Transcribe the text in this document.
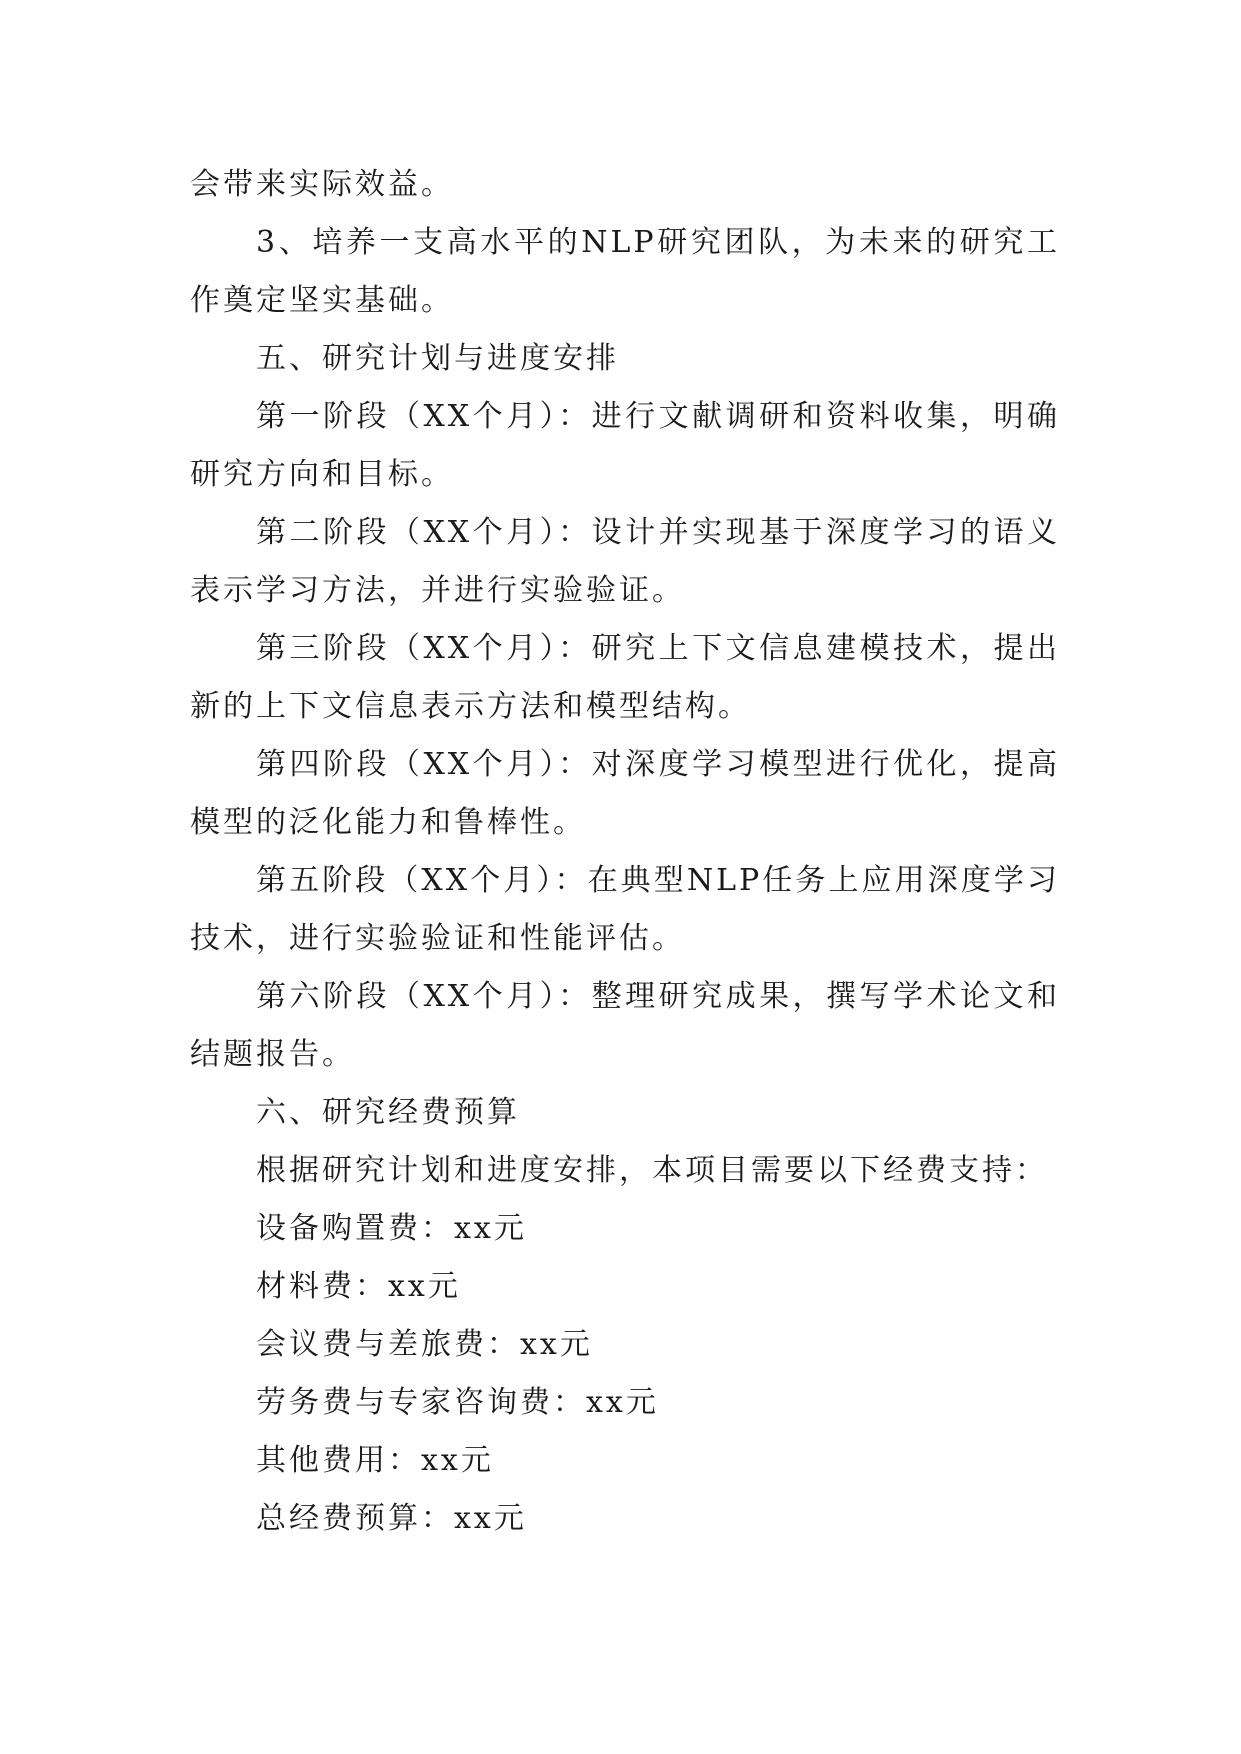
会带来实际效益。

3、培养一支高水平的NLP研究团队，为未来的研究工作奠定坚实基础。

五、研究计划与进度安排

第一阶段（XX个月）：进行文献调研和资料收集，明确研究方向和目标。

第二阶段（XX个月）：设计并实现基于深度学习的语义表示学习方法，并进行实验验证。

第三阶段（XX个月）：研究上下文信息建模技术，提出新的上下文信息表示方法和模型结构。

第四阶段（XX个月）：对深度学习模型进行优化，提高模型的泛化能力和鲁棒性。

第五阶段（XX个月）：在典型NLP任务上应用深度学习技术，进行实验验证和性能评估。

第六阶段（XX个月）：整理研究成果，撰写学术论文和结题报告。

六、研究经费预算

根据研究计划和进度安排，本项目需要以下经费支持：

设备购置费：xx元

材料费：xx元

会议费与差旅费：xx元

劳务费与专家咨询费：xx元

其他费用：xx元

总经费预算：xx元
